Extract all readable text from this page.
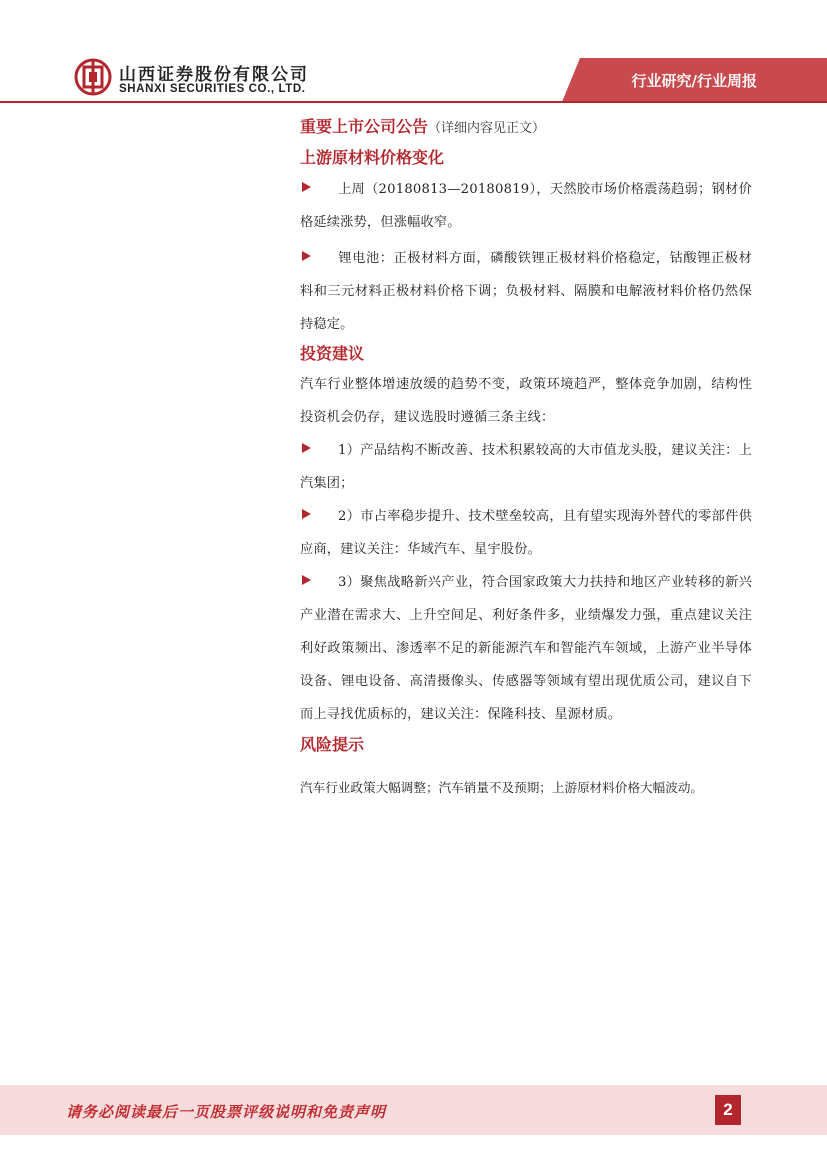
山西证券股份有限公司
SHANXI SECURITIES CO., LTD.	行业研究/行业周报
重要上市公司公告（详细内容见正文）
上游原材料价格变化

上周（20180813—20180819），天然胶市场价格震荡趋弱；钢材价格延续涨势，但涨幅收窄。

锂电池：正极材料方面，磷酸铁锂正极材料价格稳定，钴酸锂正极材料和三元材料正极材料价格下调；负极材料、隔膜和电解液材料价格仍然保持稳定。

投资建议

汽车行业整体增速放缓的趋势不变，政策环境趋严，整体竞争加剧，结构性投资机会仍存，建议选股时遵循三条主线：

1）产品结构不断改善、技术积累较高的大市值龙头股，建议关注：上汽集团；

2）市占率稳步提升、技术壁垒较高，且有望实现海外替代的零部件供应商，建议关注：华域汽车、星宇股份。

3）聚焦战略新兴产业，符合国家政策大力扶持和地区产业转移的新兴产业潜在需求大、上升空间足、利好条件多，业绩爆发力强，重点建议关注利好政策频出、渗透率不足的新能源汽车和智能汽车领域，上游产业半导体设备、锂电设备、高清摄像头、传感器等领域有望出现优质公司，建议自下而上寻找优质标的，建议关注：保隆科技、星源材质。

风险提示

汽车行业政策大幅调整；汽车销量不及预期；上游原材料价格大幅波动。

请务必阅读最后一页股票评级说明和免责声明	2
